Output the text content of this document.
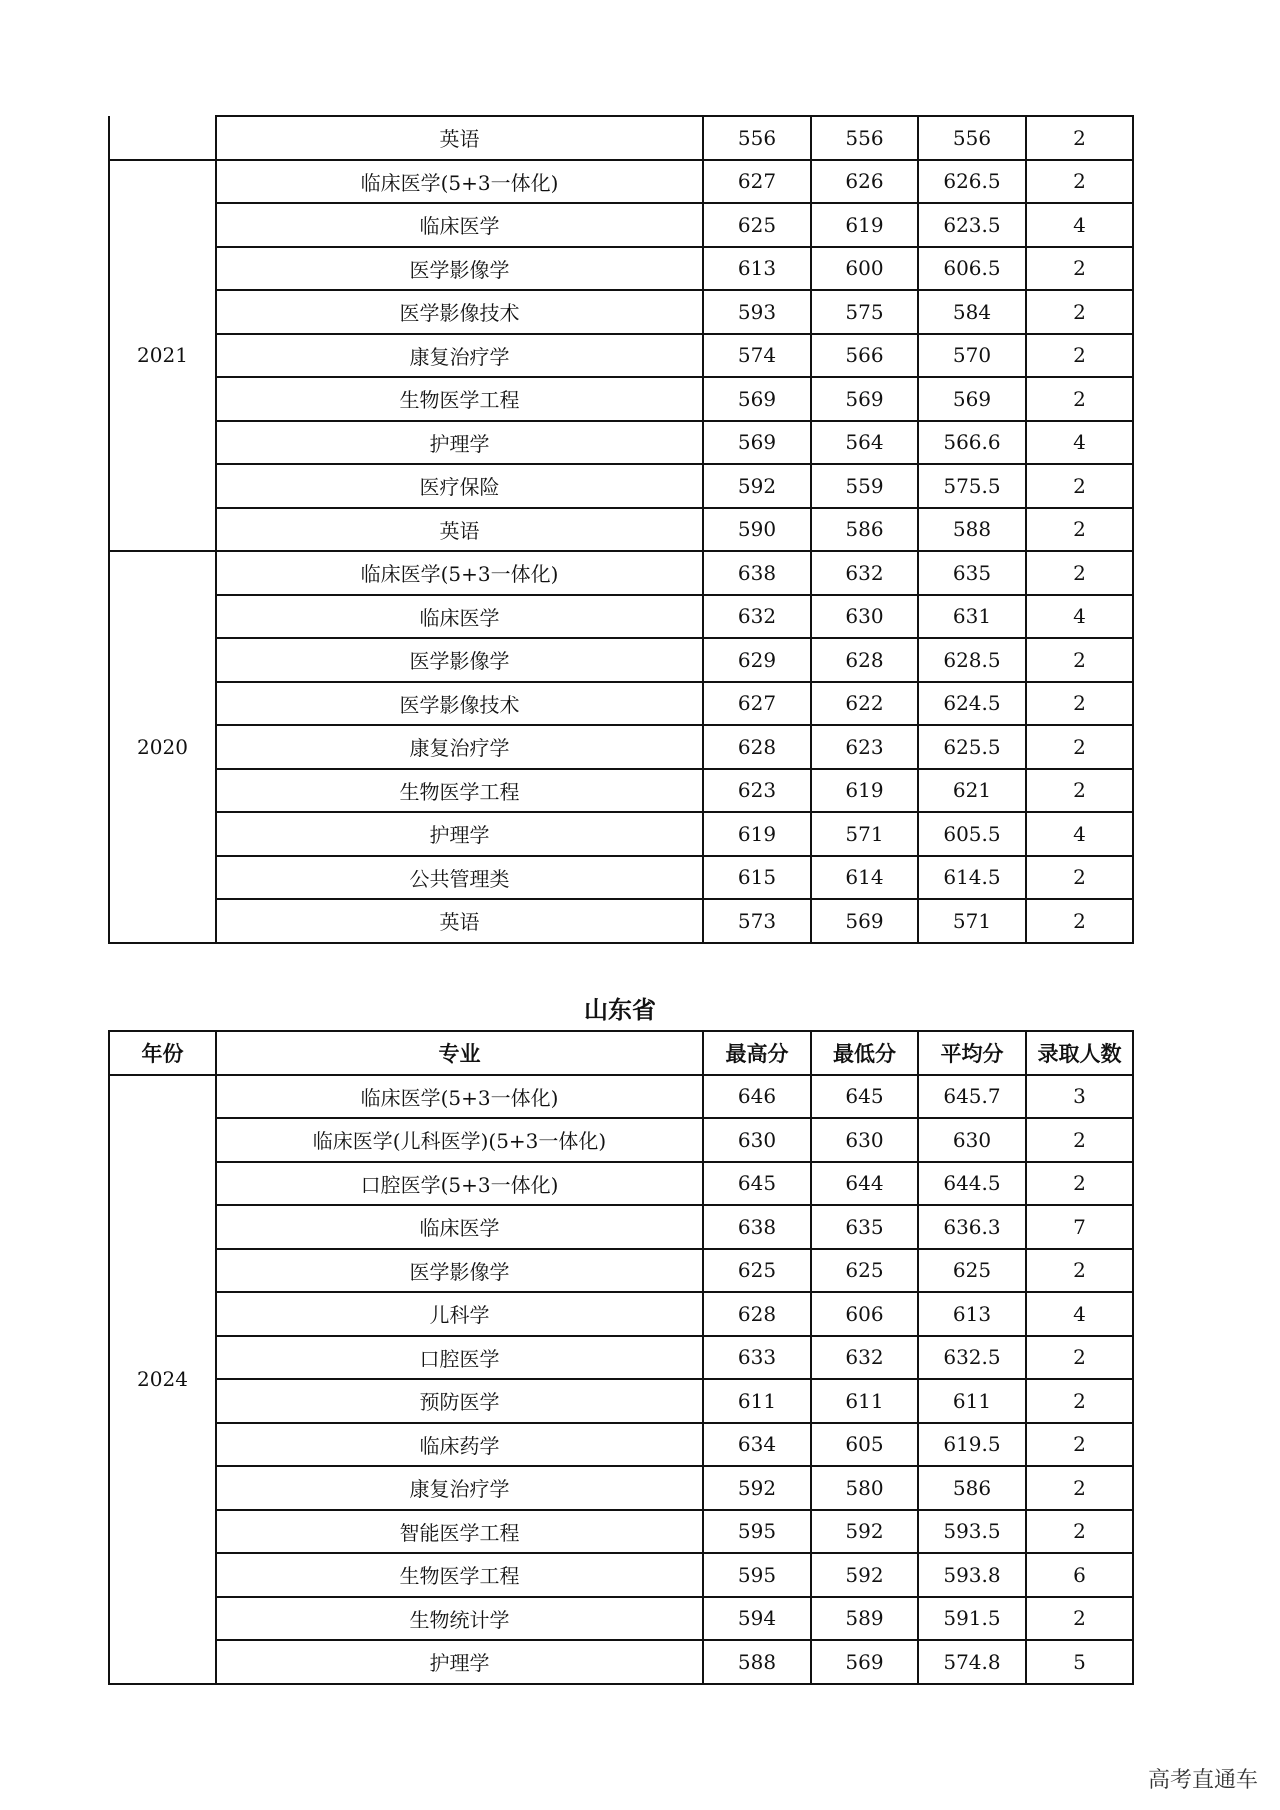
	英语	556	556	556	2
2021	临床医学(5+3一体化)	627	626	626.5	2
	临床医学	625	619	623.5	4
	医学影像学	613	600	606.5	2
	医学影像技术	593	575	584	2
	康复治疗学	574	566	570	2
	生物医学工程	569	569	569	2
	护理学	569	564	566.6	4
	医疗保险	592	559	575.5	2
	英语	590	586	588	2
2020	临床医学(5+3一体化)	638	632	635	2
	临床医学	632	630	631	4
	医学影像学	629	628	628.5	2
	医学影像技术	627	622	624.5	2
	康复治疗学	628	623	625.5	2
	生物医学工程	623	619	621	2
	护理学	619	571	605.5	4
	公共管理类	615	614	614.5	2
	英语	573	569	571	2
山东省
年份	专业	最高分	最低分	平均分	录取人数
2024	临床医学(5+3一体化)	646	645	645.7	3
	临床医学(儿科医学)(5+3一体化)	630	630	630	2
	口腔医学(5+3一体化)	645	644	644.5	2
	临床医学	638	635	636.3	7
	医学影像学	625	625	625	2
	儿科学	628	606	613	4
	口腔医学	633	632	632.5	2
	预防医学	611	611	611	2
	临床药学	634	605	619.5	2
	康复治疗学	592	580	586	2
	智能医学工程	595	592	593.5	2
	生物医学工程	595	592	593.8	6
	生物统计学	594	589	591.5	2
	护理学	588	569	574.8	5
高考直通车
